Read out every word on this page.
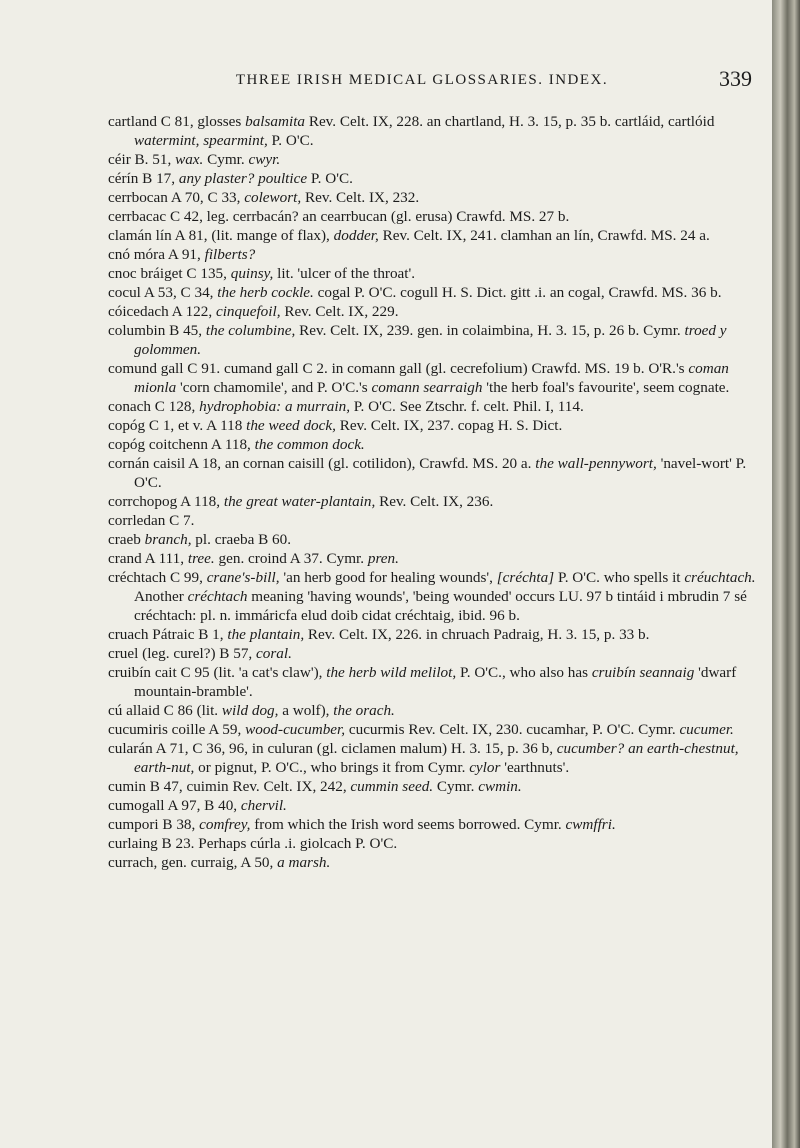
THREE IRISH MEDICAL GLOSSARIES. INDEX.	339

cartland C 81, glosses balsamita Rev. Celt. IX, 228. an chartland, H. 3. 15, p. 35 b. cartláid, cartlóid watermint, spearmint, P. O'C.

céir B. 51, wax. Cymr. cwyr.

cérín B 17, any plaster? poultice P. O'C.

cerrbocan A 70, C 33, colewort, Rev. Celt. IX, 232.

cerrbacac C 42, leg. cerrbacán? an cearrbucan (gl. erusa) Crawfd. MS. 27 b.

clamán lín A 81, (lit. mange of flax), dodder, Rev. Celt. IX, 241. clamhan an lín, Crawfd. MS. 24 a.

cnó móra A 91, filberts?

cnoc bráiget C 135, quinsy, lit. 'ulcer of the throat'.

cocul A 53, C 34, the herb cockle. cogal P. O'C. cogull H. S. Dict. gitt .i. an cogal, Crawfd. MS. 36 b.

cóicedach A 122, cinquefoil, Rev. Celt. IX, 229.

columbin B 45, the columbine, Rev. Celt. IX, 239. gen. in colaimbina, H. 3. 15, p. 26 b. Cymr. troed y golommen.

comund gall C 91. cumand gall C 2. in comann gall (gl. cecrefolium) Crawfd. MS. 19 b. O'R.'s coman mionla 'corn chamomile', and P. O'C.'s comann searraigh 'the herb foal's favourite', seem cognate.

conach C 128, hydrophobia: a murrain, P. O'C. See Ztschr. f. celt. Phil. I, 114.

copóg C 1, et v. A 118 the weed dock, Rev. Celt. IX, 237. copag H. S. Dict.

copóg coitchenn A 118, the common dock.

cornán caisil A 18, an cornan caisill (gl. cotilidon), Crawfd. MS. 20 a. the wall-pennywort, 'navel-wort' P. O'C.

corrchopog A 118, the great water-plantain, Rev. Celt. IX, 236.

corrledan C 7.

craeb branch, pl. craeba B 60.

crand A 111, tree. gen. croind A 37. Cymr. pren.

créchtach C 99, crane's-bill, 'an herb good for healing wounds', [créchta] P. O'C. who spells it créuchtach. Another créchtach meaning 'having wounds', 'being wounded' occurs LU. 97 b tintáid i mbrudin 7 sé créchtach: pl. n. immáricfa elud doib cidat créchtaig, ibid. 96 b.

cruach Pátraic B 1, the plantain, Rev. Celt. IX, 226. in chruach Padraig, H. 3. 15, p. 33 b.

cruel (leg. curel?) B 57, coral.

cruibín cait C 95 (lit. 'a cat's claw'), the herb wild melilot, P. O'C., who also has cruibín seannaig 'dwarf mountain-bramble'.

cú allaid C 86 (lit. wild dog, a wolf), the orach.

cucumiris coille A 59, wood-cucumber, cucurmis Rev. Celt. IX, 230. cucamhar, P. O'C. Cymr. cucumer.

cularán A 71, C 36, 96, in culuran (gl. ciclamen malum) H. 3. 15, p. 36 b, cucumber? an earth-chestnut, earth-nut, or pignut, P. O'C., who brings it from Cymr. cylor 'earthnuts'.

cumin B 47, cuimin Rev. Celt. IX, 242, cummin seed. Cymr. cwmin.

cumogall A 97, B 40, chervil.

cumpori B 38, comfrey, from which the Irish word seems borrowed. Cymr. cwmffri.

curlaing B 23. Perhaps cúrla .i. giolcach P. O'C.

currach, gen. curraig, A 50, a marsh.
